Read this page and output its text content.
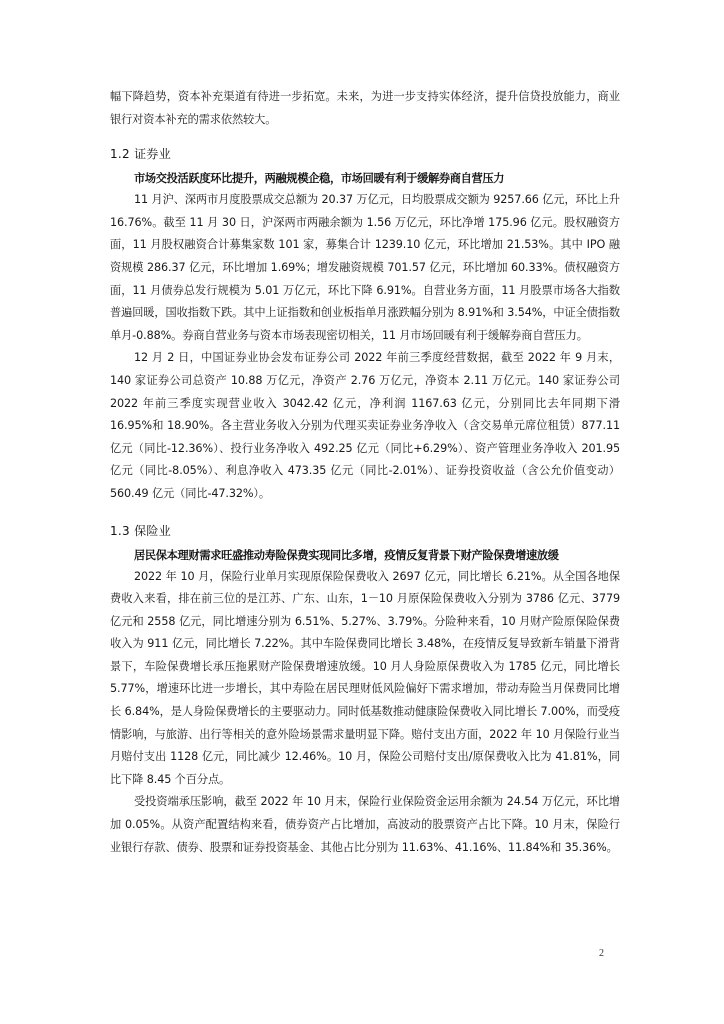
幅下降趋势，资本补充渠道有待进一步拓宽。未来，为进一步支持实体经济，提升信贷投放能力，商业银行对资本补充的需求依然较大。

1.2 证券业

市场交投活跃度环比提升，两融规模企稳，市场回暖有利于缓解券商自营压力

11 月沪、深两市月度股票成交总额为 20.37 万亿元，日均股票成交额为 9257.66 亿元，环比上升 16.76%。截至 11 月 30 日，沪深两市两融余额为 1.56 万亿元，环比净增 175.96 亿元。股权融资方面，11 月股权融资合计募集家数 101 家，募集合计 1239.10 亿元，环比增加 21.53%。其中 IPO 融资规模 286.37 亿元，环比增加 1.69%；增发融资规模 701.57 亿元，环比增加 60.33%。债权融资方面，11 月债券总发行规模为 5.01 万亿元，环比下降 6.91%。自营业务方面，11 月股票市场各大指数普遍回暖，国收指数下跌。其中上证指数和创业板指单月涨跌幅分别为 8.91%和 3.54%，中证全债指数单月-0.88%。券商自营业务与资本市场表现密切相关，11 月市场回暖有利于缓解券商自营压力。

12 月 2 日，中国证券业协会发布证券公司 2022 年前三季度经营数据，截至 2022 年 9 月末，140 家证券公司总资产 10.88 万亿元，净资产 2.76 万亿元，净资本 2.11 万亿元。140 家证券公司 2022 年前三季度实现营业收入 3042.42 亿元，净利润 1167.63 亿元，分别同比去年同期下滑 16.95%和 18.90%。各主营业务收入分别为代理买卖证券业务净收入（含交易单元席位租赁）877.11 亿元（同比-12.36%）、投行业务净收入 492.25 亿元（同比+6.29%）、资产管理业务净收入 201.95 亿元（同比-8.05%）、利息净收入 473.35 亿元（同比-2.01%）、证券投资收益（含公允价值变动）560.49 亿元（同比-47.32%）。

1.3 保险业

居民保本理财需求旺盛推动寿险保费实现同比多增，疫情反复背景下财产险保费增速放缓

2022 年 10 月，保险行业单月实现原保险保费收入 2697 亿元，同比增长 6.21%。从全国各地保费收入来看，排在前三位的是江苏、广东、山东，1－10 月原保险保费收入分别为 3786 亿元、3779 亿元和 2558 亿元，同比增速分别为 6.51%、5.27%、3.79%。分险种来看，10 月财产险原保险保费收入为 911 亿元，同比增长 7.22%。其中车险保费同比增长 3.48%，在疫情反复导致新车销量下滑背景下，车险保费增长承压拖累财产险保费增速放缓。10 月人身险原保费收入为 1785 亿元，同比增长 5.77%，增速环比进一步增长，其中寿险在居民理财低风险偏好下需求增加，带动寿险当月保费同比增长 6.84%，是人身险保费增长的主要驱动力。同时低基数推动健康险保费收入同比增长 7.00%，而受疫情影响，与旅游、出行等相关的意外险场景需求量明显下降。赔付支出方面，2022 年 10 月保险行业当月赔付支出 1128 亿元，同比减少 12.46%。10 月，保险公司赔付支出/原保费收入比为 41.81%，同比下降 8.45 个百分点。

受投资端承压影响，截至 2022 年 10 月末，保险行业保险资金运用余额为 24.54 万亿元，环比增加 0.05%。从资产配置结构来看，债券资产占比增加，高波动的股票资产占比下降。10 月末，保险行业银行存款、债券、股票和证券投资基金、其他占比分别为 11.63%、41.16%、11.84%和 35.36%。

2
